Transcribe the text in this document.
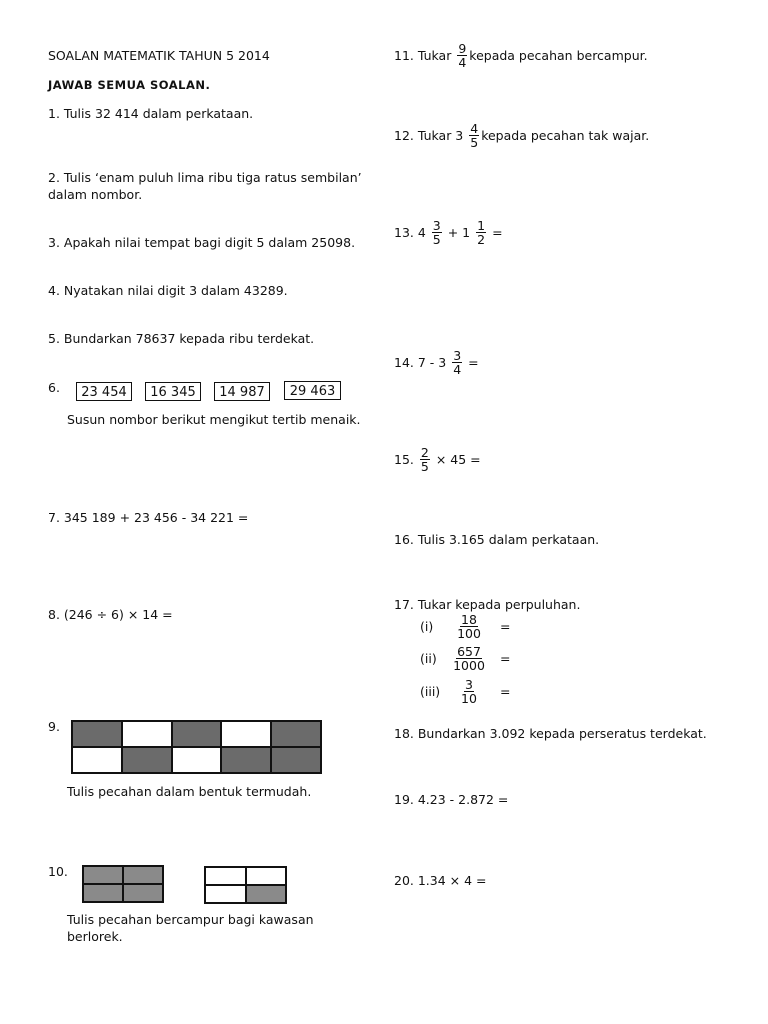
SOALAN MATEMATIK TAHUN 5 2014
JAWAB SEMUA SOALAN.
1. Tulis 32 414 dalam perkataan.
2. Tulis ‘enam puluh lima ribu tiga ratus sembilan’
dalam nombor.
3. Apakah nilai tempat bagi digit 5 dalam 25098.
4. Nyatakan nilai digit 3 dalam 43289.
5. Bundarkan 78637 kepada ribu terdekat.
6.	23 454	16 345	14 987	29 463
Susun nombor berikut mengikut tertib menaik.
7. 345 189 + 23 456 - 34 221 =
8. (246 ÷ 6) × 14 =
9.
Tulis pecahan dalam bentuk termudah.
10.
Tulis pecahan bercampur bagi kawasan
berlorek.
11. Tukar
$\frac{9}{4}$ kepada pecahan bercampur.
12. Tukar 3
$\frac{4}{5}$ kepada pecahan tak wajar.
13. 4
$\frac{3}{5}$
+ 1
$\frac{1}{2}$
=
14. 7 - 3
$\frac{3}{4}$
=
15.
$\frac{2}{5}$
× 45 =
16. Tulis 3.165 dalam perkataan.
17. Tukar kepada perpuluhan.
(i)	$\frac{18}{100}$ =
(ii)	$\frac{657}{1000}$ =
$(iii) \frac{3}{10}$ =
18. Bundarkan 3.092 kepada perseratus terdekat.
19. 4.23 - 2.872 =
20. 1.34 × 4 =
